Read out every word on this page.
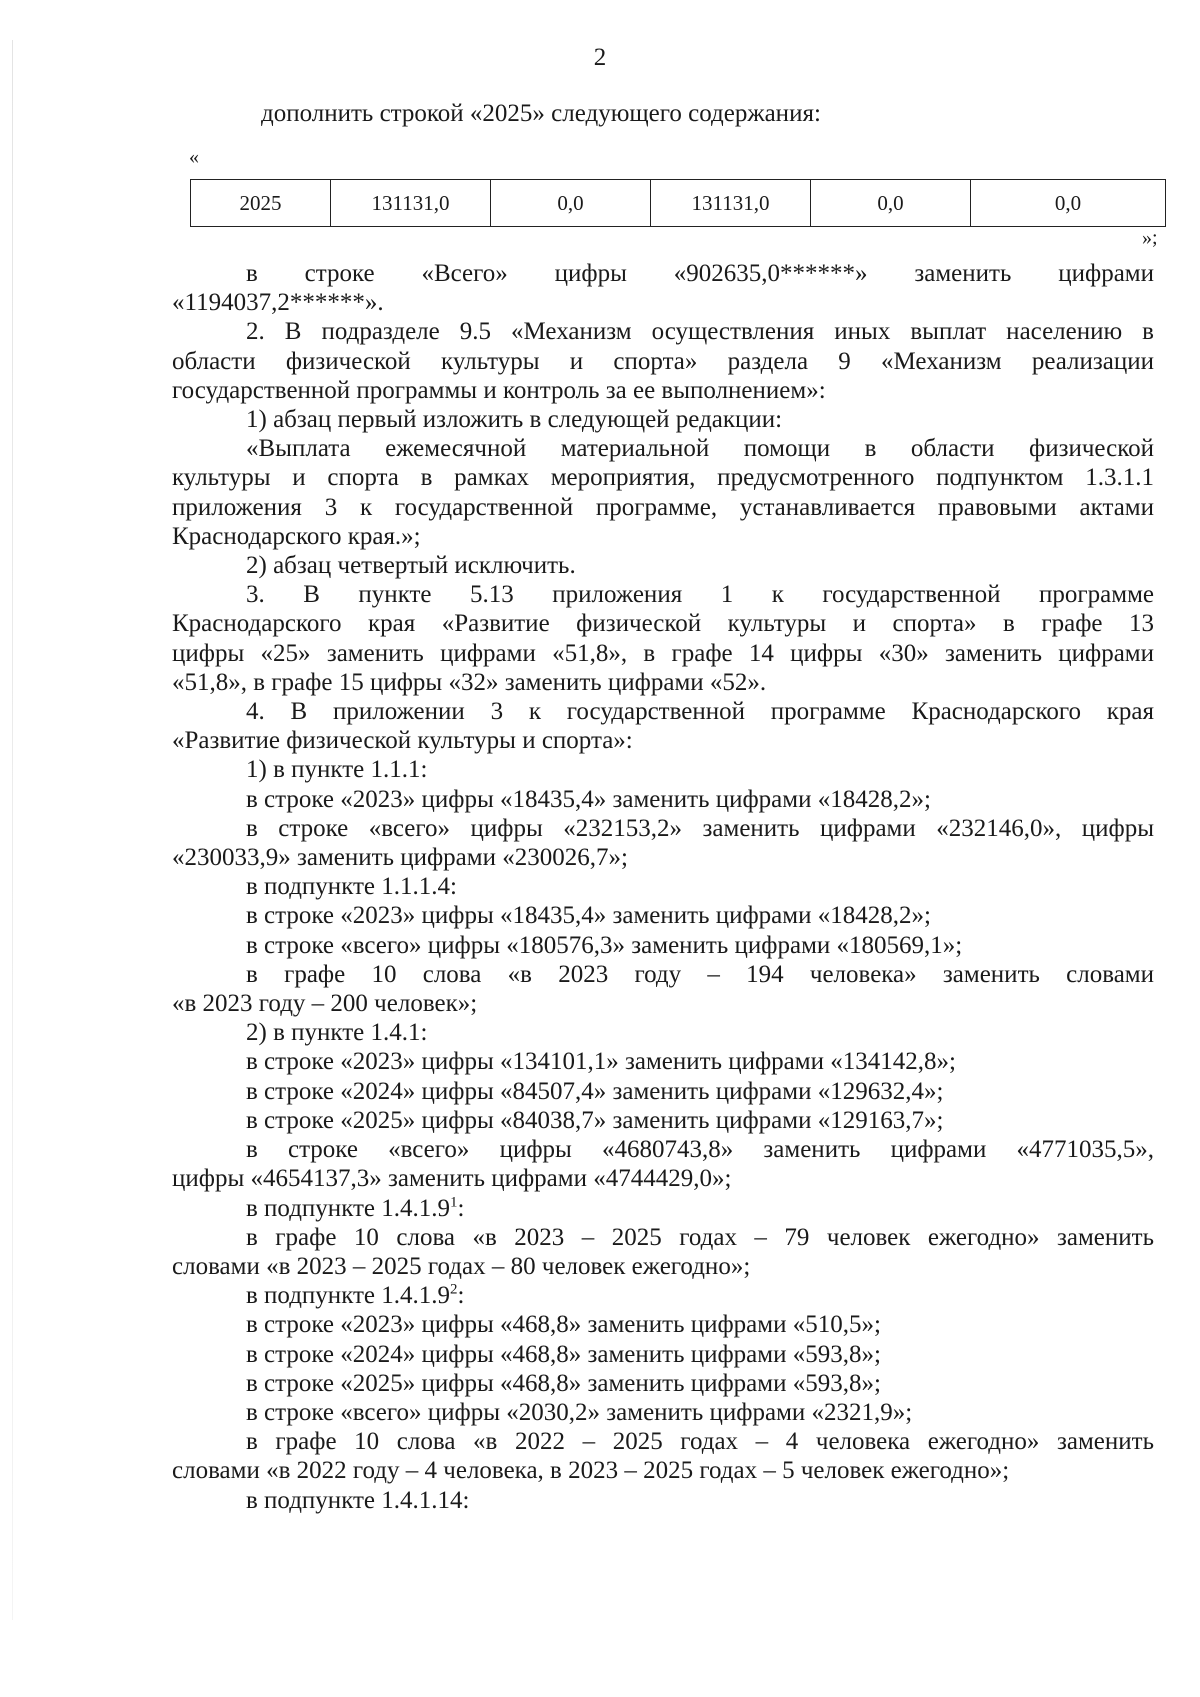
2
дополнить строкой «2025» следующего содержания:
«
2025	131131,0	0,0	131131,0	0,0	0,0
»;

в строке «Всего» цифры «902635,0******» заменить цифрами

«1194037,2******».

2. В подразделе 9.5 «Механизм осуществления иных выплат населению в

области физической культуры и спорта» раздела 9 «Механизм реализации

государственной программы и контроль за ее выполнением»:

1) абзац первый изложить в следующей редакции:

«Выплата ежемесячной материальной помощи в области физической

культуры и спорта в рамках мероприятия, предусмотренного подпунктом 1.3.1.1

приложения 3 к государственной программе, устанавливается правовыми актами

Краснодарского края.»;

2) абзац четвертый исключить.

3. В пункте 5.13 приложения 1 к государственной программе

Краснодарского края «Развитие физической культуры и спорта» в графе 13

цифры «25» заменить цифрами «51,8», в графе 14 цифры «30» заменить цифрами

«51,8», в графе 15 цифры «32» заменить цифрами «52».

4. В приложении 3 к государственной программе Краснодарского края

«Развитие физической культуры и спорта»:

1) в пункте 1.1.1:

в строке «2023» цифры «18435,4» заменить цифрами «18428,2»;

в строке «всего» цифры «232153,2» заменить цифрами «232146,0», цифры

«230033,9» заменить цифрами «230026,7»;

в подпункте 1.1.1.4:

в строке «2023» цифры «18435,4» заменить цифрами «18428,2»;

в строке «всего» цифры «180576,3» заменить цифрами «180569,1»;

в графе 10 слова «в 2023 году – 194 человека» заменить словами

«в 2023 году – 200 человек»;

2) в пункте 1.4.1:

в строке «2023» цифры «134101,1» заменить цифрами «134142,8»;

в строке «2024» цифры «84507,4» заменить цифрами «129632,4»;

в строке «2025» цифры «84038,7» заменить цифрами «129163,7»;

в строке «всего» цифры «4680743,8» заменить цифрами «4771035,5»,

цифры «4654137,3» заменить цифрами «4744429,0»;

в подпункте 1.4.1.9$^1$:

в графе 10 слова «в 2023 – 2025 годах – 79 человек ежегодно» заменить

словами «в 2023 – 2025 годах – 80 человек ежегодно»;

в подпункте 1.4.1.9$^2$:

в строке «2023» цифры «468,8» заменить цифрами «510,5»;

в строке «2024» цифры «468,8» заменить цифрами «593,8»;

в строке «2025» цифры «468,8» заменить цифрами «593,8»;

в строке «всего» цифры «2030,2» заменить цифрами «2321,9»;

в графе 10 слова «в 2022 – 2025 годах – 4 человека ежегодно» заменить

словами «в 2022 году – 4 человека, в 2023 – 2025 годах – 5 человек ежегодно»;

в подпункте 1.4.1.14:
